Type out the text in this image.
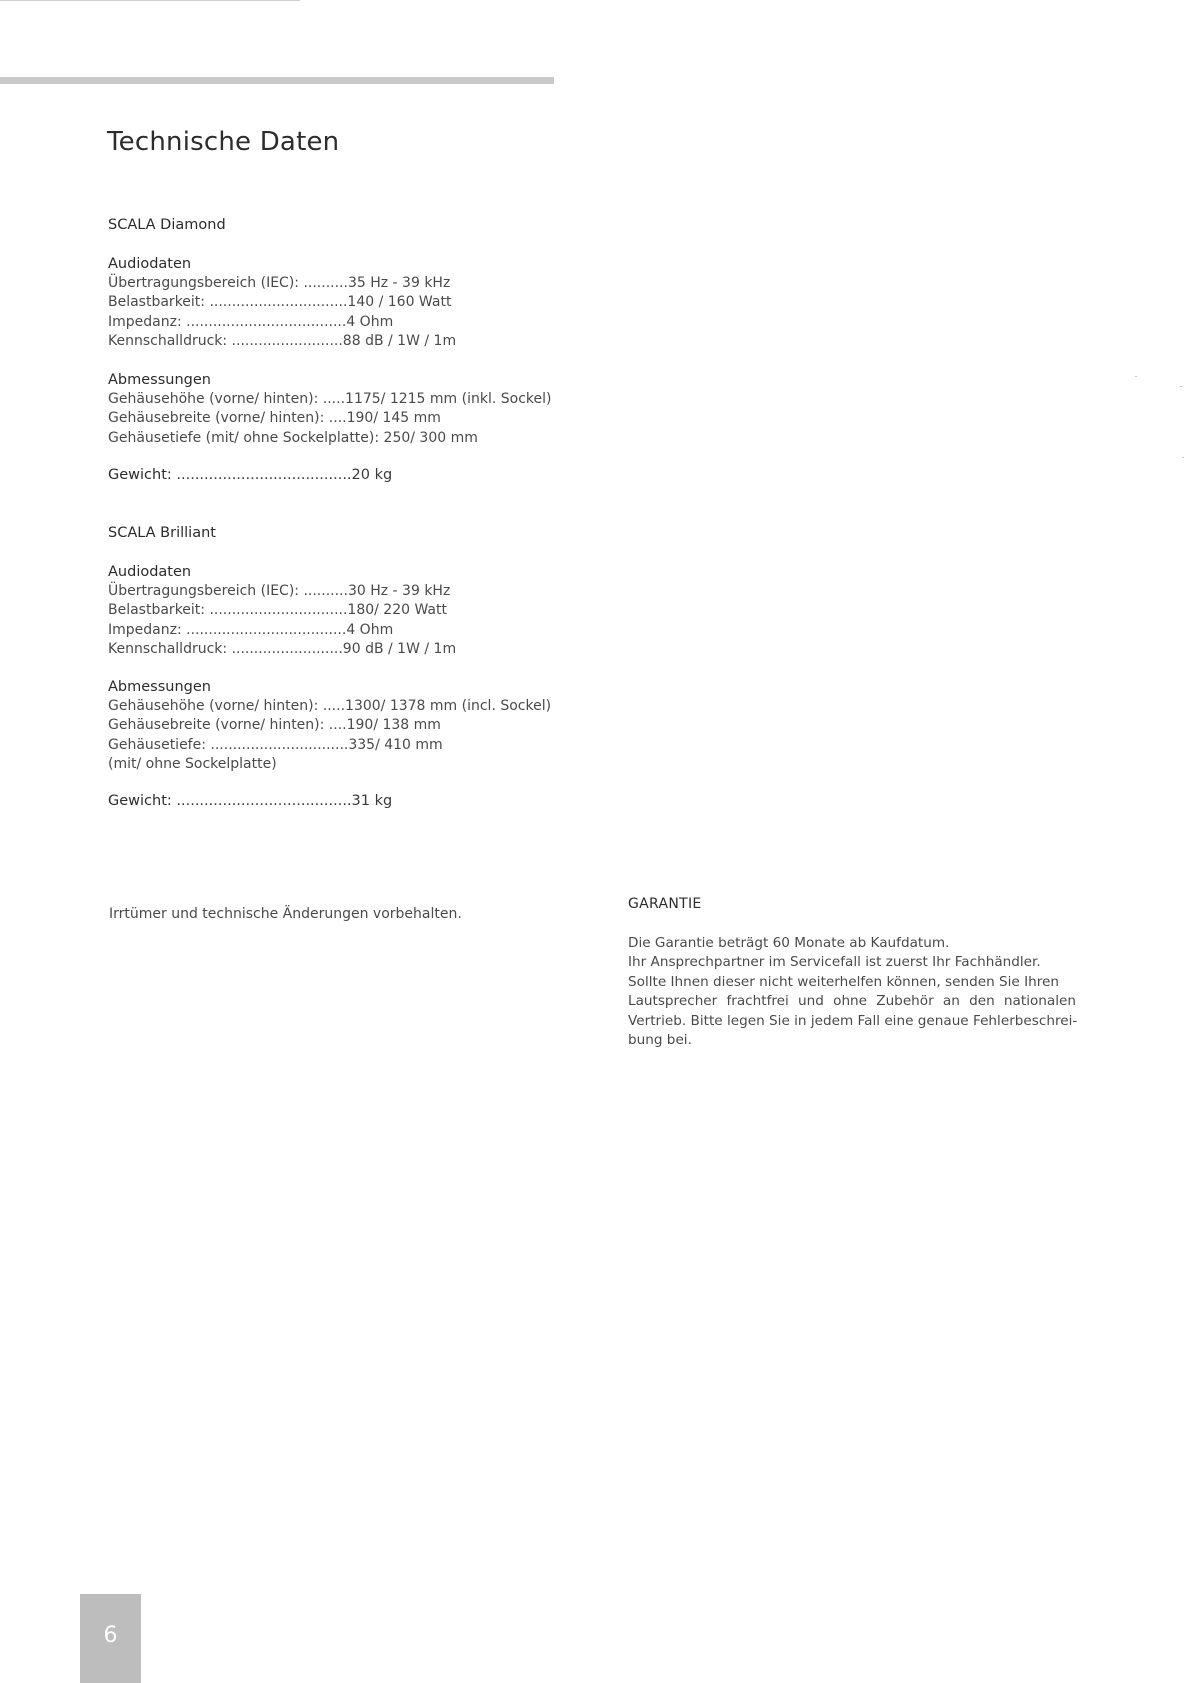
Technische Daten
SCALA Diamond
Audiodaten
Übertragungsbereich (IEC): ..........35 Hz - 39 kHz
Belastbarkeit: ...............................140 / 160 Watt
Impedanz: ....................................4 Ohm
Kennschalldruck: .........................88 dB / 1W / 1m
Abmessungen
Gehäusehöhe (vorne/ hinten): .....1175/ 1215 mm (inkl. Sockel)
Gehäusebreite (vorne/ hinten): ....190/ 145 mm
Gehäusetiefe (mit/ ohne Sockelplatte): 250/ 300 mm
Gewicht: ......................................20 kg
SCALA Brilliant
Audiodaten
Übertragungsbereich (IEC): ..........30 Hz - 39 kHz
Belastbarkeit: ...............................180/ 220 Watt
Impedanz: ....................................4 Ohm
Kennschalldruck: .........................90 dB / 1W / 1m
Abmessungen
Gehäusehöhe (vorne/ hinten): .....1300/ 1378 mm (incl. Sockel)
Gehäusebreite (vorne/ hinten): ....190/ 138 mm
Gehäusetiefe: ...............................335/ 410 mm
(mit/ ohne Sockelplatte)
Gewicht: ......................................31 kg
Irrtümer und technische Änderungen vorbehalten.
GARANTIE
Die Garantie beträgt 60 Monate ab Kaufdatum.
Ihr Ansprechpartner im Servicefall ist zuerst Ihr Fachhändler.
Sollte Ihnen dieser nicht weiterhelfen können, senden Sie Ihren
Lautsprecher frachtfrei und ohne Zubehör an den nationalen
Vertrieb. Bitte legen Sie in jedem Fall eine genaue Fehlerbeschrei-
bung bei.
6
